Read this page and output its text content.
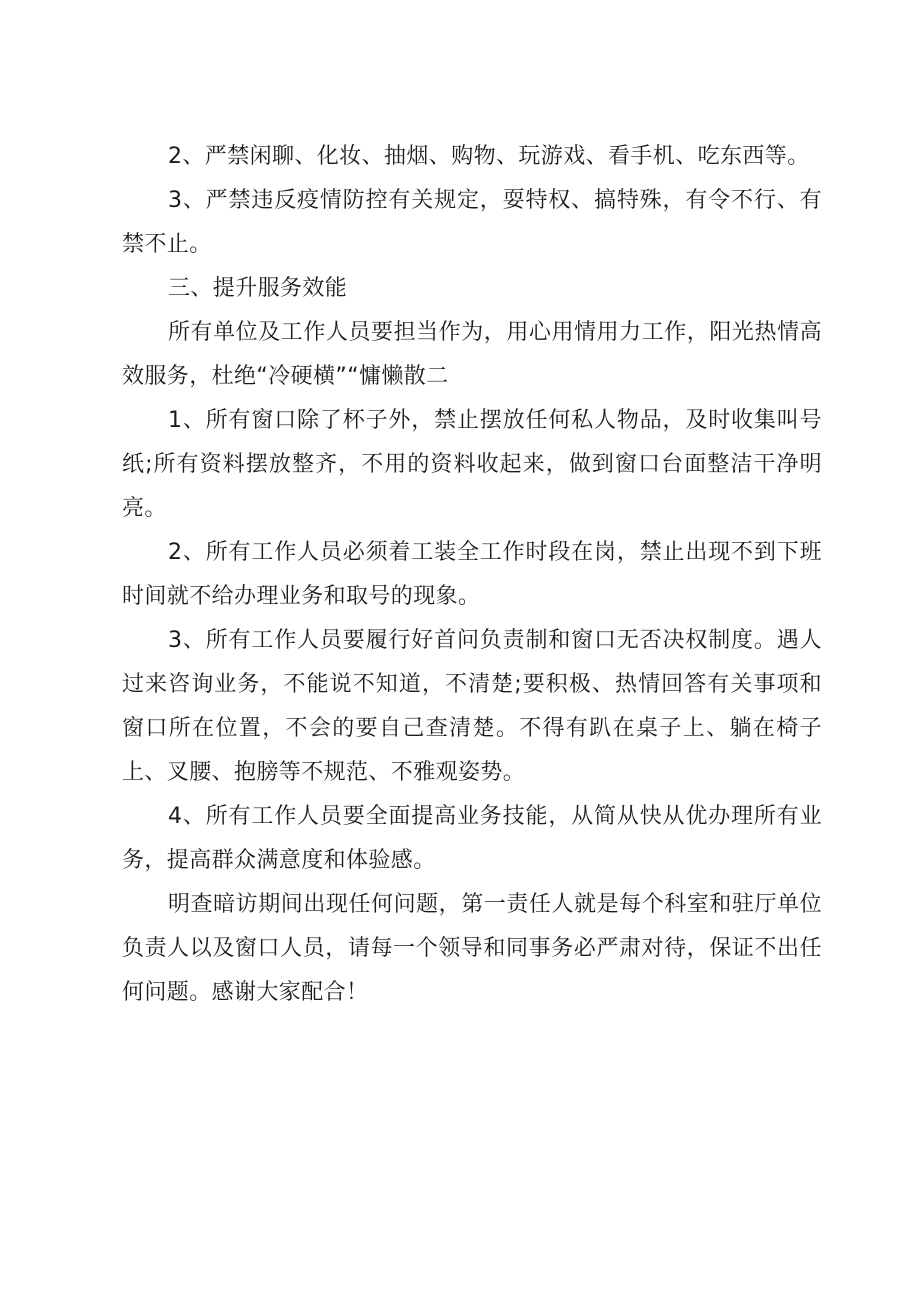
2、严禁闲聊、化妆、抽烟、购物、玩游戏、看手机、吃东西等。

3、严禁违反疫情防控有关规定，耍特权、搞特殊，有令不行、有禁不止。

三、提升服务效能

所有单位及工作人员要担当作为，用心用情用力工作，阳光热情高效服务，杜绝“冷硬横”“慵懒散二

1、所有窗口除了杯子外，禁止摆放任何私人物品，及时收集叫号纸;所有资料摆放整齐，不用的资料收起来，做到窗口台面整洁干净明亮。

2、所有工作人员必须着工装全工作时段在岗，禁止出现不到下班时间就不给办理业务和取号的现象。

3、所有工作人员要履行好首问负责制和窗口无否决权制度。遇人过来咨询业务，不能说不知道，不清楚;要积极、热情回答有关事项和窗口所在位置，不会的要自己查清楚。不得有趴在桌子上、躺在椅子上、叉腰、抱膀等不规范、不雅观姿势。

4、所有工作人员要全面提高业务技能，从简从快从优办理所有业务，提高群众满意度和体验感。

明查暗访期间出现任何问题，第一责任人就是每个科室和驻厅单位负责人以及窗口人员，请每一个领导和同事务必严肃对待，保证不出任何问题。感谢大家配合！
